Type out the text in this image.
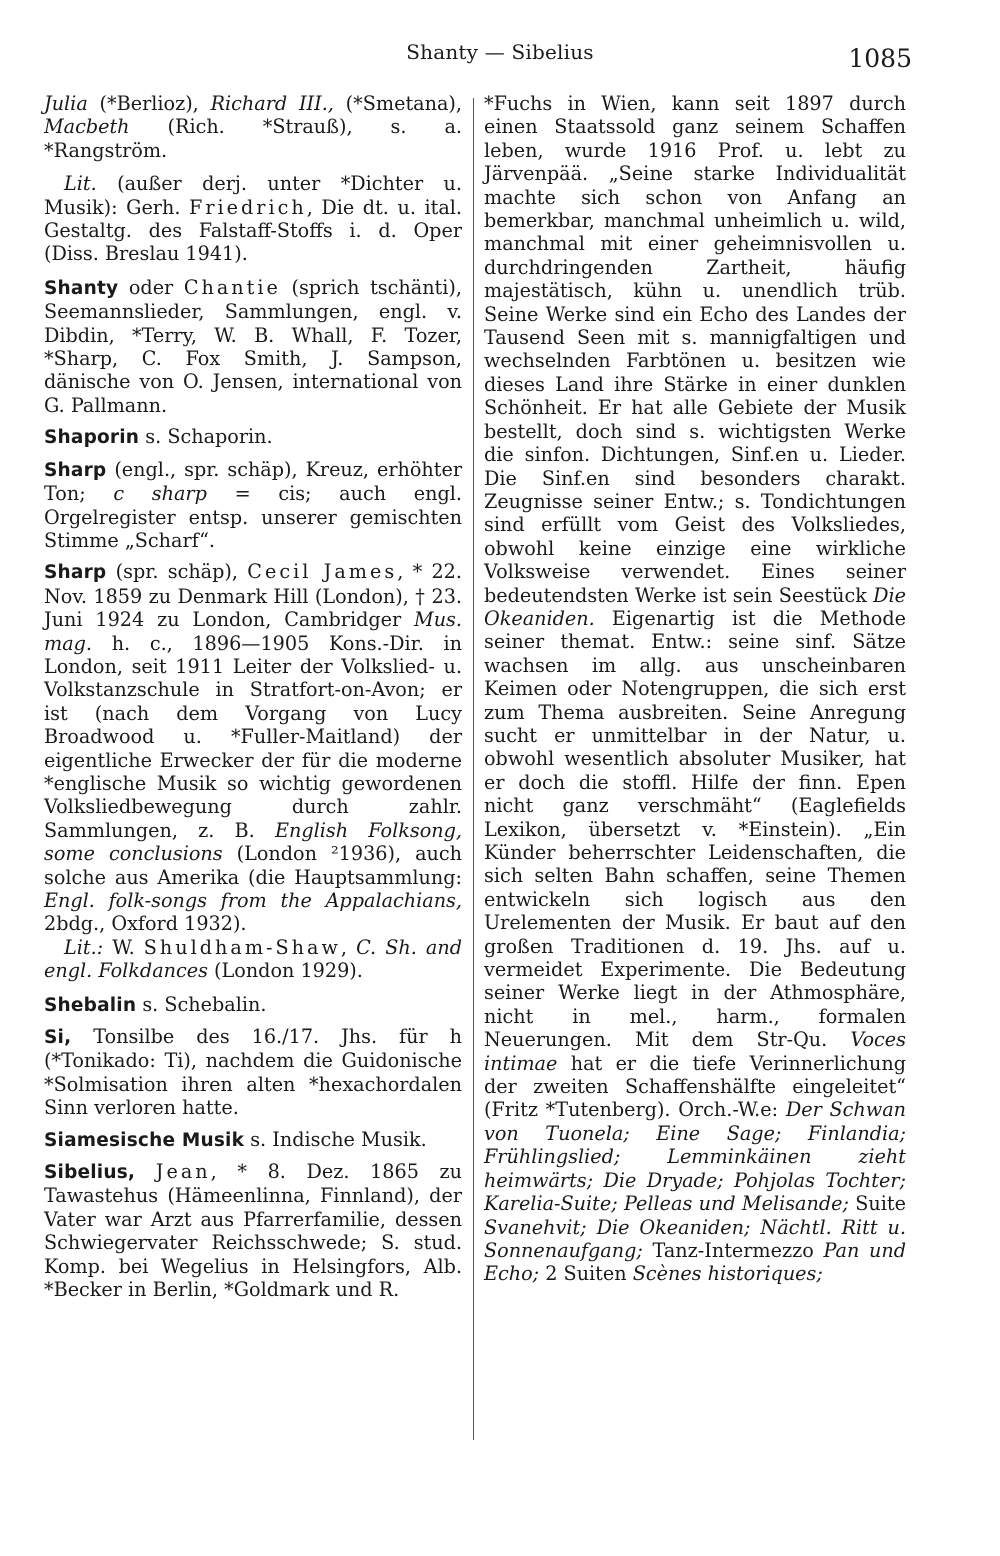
Shanty — Sibelius	1085

Julia (*Berlioz), Richard III., (*Smetana), Macbeth (Rich. *Strauß), s. a. *Rangström.

Lit. (außer derj. unter *Dichter u. Musik): Gerh. Friedrich, Die dt. u. ital. Gestaltg. des Falstaff-Stoffs i. d. Oper (Diss. Breslau 1941).

Shanty oder Chantie (sprich tschänti), Seemannslieder, Sammlungen, engl. v. Dibdin, *Terry, W. B. Whall, F. Tozer, *Sharp, C. Fox Smith, J. Sampson, dänische von O. Jensen, international von G. Pallmann.

Shaporin s. Schaporin.

Sharp (engl., spr. schäp), Kreuz, erhöhter Ton; c sharp = cis; auch engl. Orgelregister entsp. unserer gemischten Stimme „Scharf“.

Sharp (spr. schäp), Cecil James, * 22. Nov. 1859 zu Denmark Hill (London), † 23. Juni 1924 zu London, Cambridger Mus. mag. h. c., 1896—1905 Kons.-Dir. in London, seit 1911 Leiter der Volkslied- u. Volkstanzschule in Stratfort-on-Avon; er ist (nach dem Vorgang von Lucy Broadwood u. *Fuller-Maitland) der eigentliche Erwecker der für die moderne *englische Musik so wichtig gewordenen Volksliedbewegung durch zahlr. Sammlungen, z. B. English Folksong, some conclusions (London ²1936), auch solche aus Amerika (die Hauptsammlung: Engl. folk-songs from the Appalachians, 2bdg., Oxford 1932).

Lit.: W. Shuldham-Shaw, C. Sh. and engl. Folkdances (London 1929).

Shebalin s. Schebalin.

Si, Tonsilbe des 16./17. Jhs. für h (*Tonikado: Ti), nachdem die Guidonische *Solmisation ihren alten *hexachordalen Sinn verloren hatte.

Siamesische Musik s. Indische Musik.

Sibelius, Jean, * 8. Dez. 1865 zu Tawastehus (Hämeenlinna, Finnland), der Vater war Arzt aus Pfarrerfamilie, dessen Schwiegervater Reichsschwede; S. stud. Komp. bei Wegelius in Helsingfors, Alb. *Becker in Berlin, *Goldmark und R.

*Fuchs in Wien, kann seit 1897 durch einen Staatssold ganz seinem Schaffen leben, wurde 1916 Prof. u. lebt zu Järvenpää. „Seine starke Individualität machte sich schon von Anfang an bemerkbar, manchmal unheimlich u. wild, manchmal mit einer geheimnisvollen u. durchdringenden Zartheit, häufig majestätisch, kühn u. unendlich trüb. Seine Werke sind ein Echo des Landes der Tausend Seen mit s. mannigfaltigen und wechselnden Farbtönen u. besitzen wie dieses Land ihre Stärke in einer dunklen Schönheit. Er hat alle Gebiete der Musik bestellt, doch sind s. wichtigsten Werke die sinfon. Dichtungen, Sinf.en u. Lieder. Die Sinf.en sind besonders charakt. Zeugnisse seiner Entw.; s. Tondichtungen sind erfüllt vom Geist des Volksliedes, obwohl keine einzige eine wirkliche Volksweise verwendet. Eines seiner bedeutendsten Werke ist sein Seestück Die Okeaniden. Eigenartig ist die Methode seiner themat. Entw.: seine sinf. Sätze wachsen im allg. aus unscheinbaren Keimen oder Notengruppen, die sich erst zum Thema ausbreiten. Seine Anregung sucht er unmittelbar in der Natur, u. obwohl wesentlich absoluter Musiker, hat er doch die stoffl. Hilfe der finn. Epen nicht ganz verschmäht“ (Eaglefields Lexikon, übersetzt v. *Einstein). „Ein Künder beherrschter Leidenschaften, die sich selten Bahn schaffen, seine Themen entwickeln sich logisch aus den Urelementen der Musik. Er baut auf den großen Traditionen d. 19. Jhs. auf u. vermeidet Experimente. Die Bedeutung seiner Werke liegt in der Athmosphäre, nicht in mel., harm., formalen Neuerungen. Mit dem Str-Qu. Voces intimae hat er die tiefe Verinnerlichung der zweiten Schaffenshälfte eingeleitet“ (Fritz *Tutenberg). Orch.-W.e: Der Schwan von Tuonela; Eine Sage; Finlandia; Frühlingslied; Lemminkäinen zieht heimwärts; Die Dryade; Pohjolas Tochter; Karelia-Suite; Pelleas und Melisande; Suite Svanehvit; Die Okeaniden; Nächtl. Ritt u. Sonnenaufgang; Tanz-Intermezzo Pan und Echo; 2 Suiten Scènes historiques;
